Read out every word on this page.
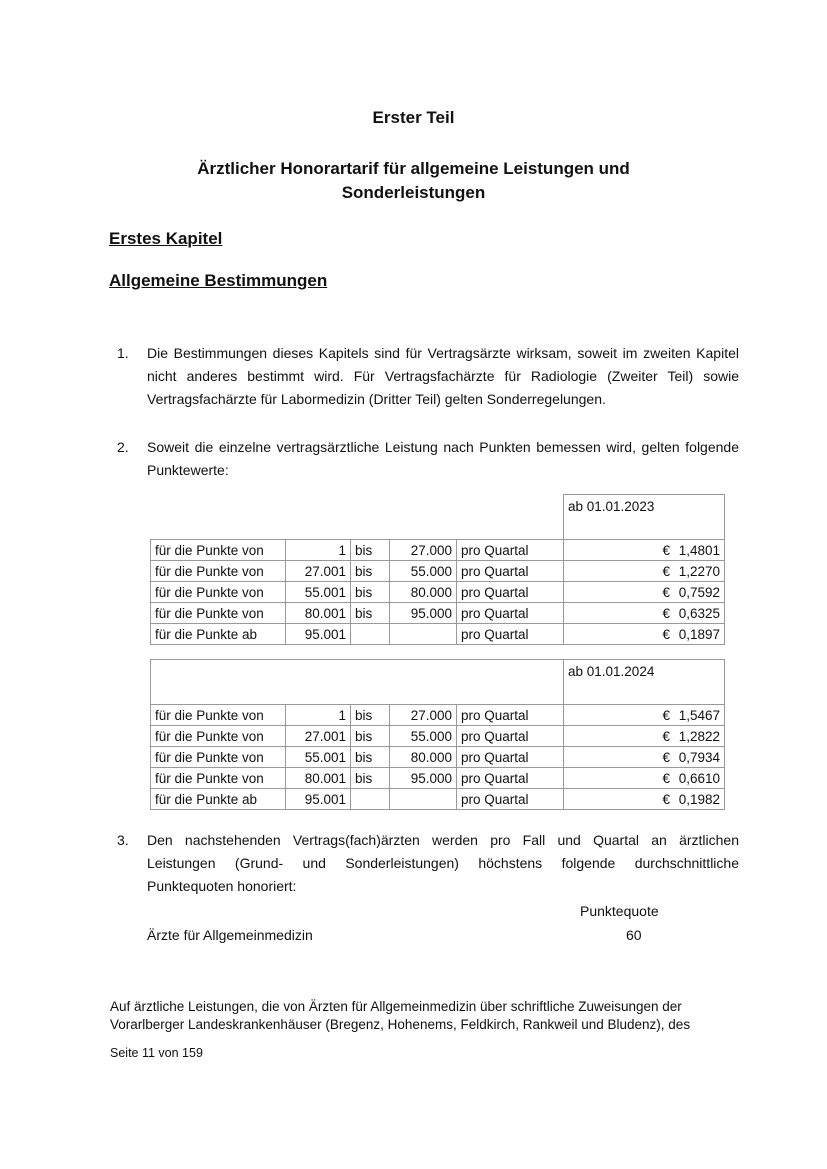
Erster Teil
Ärztlicher Honorartarif für allgemeine Leistungen und
Sonderleistungen
Erstes Kapitel
Allgemeine Bestimmungen
1. Die Bestimmungen dieses Kapitels sind für Vertragsärzte wirksam, soweit im zweiten Kapitel
nicht anderes bestimmt wird. Für Vertragsfachärzte für Radiologie (Zweiter Teil) sowie
Vertragsfachärzte für Labormedizin (Dritter Teil) gelten Sonderregelungen.
2. Soweit die einzelne vertragsärztliche Leistung nach Punkten bemessen wird, gelten folgende
Punktewerte:
					ab 01.01.2023
für die Punkte von	1	bis	27.000	pro Quartal	€ 1,4801
für die Punkte von	27.001	bis	55.000	pro Quartal	€ 1,2270
für die Punkte von	55.001	bis	80.000	pro Quartal	€ 0,7592
für die Punkte von	80.001	bis	95.000	pro Quartal	€ 0,6325
für die Punkte ab	95.001			pro Quartal	€ 0,1897
					ab 01.01.2024
für die Punkte von	1	bis	27.000	pro Quartal	€ 1,5467
für die Punkte von	27.001	bis	55.000	pro Quartal	€ 1,2822
für die Punkte von	55.001	bis	80.000	pro Quartal	€ 0,7934
für die Punkte von	80.001	bis	95.000	pro Quartal	€ 0,6610
für die Punkte ab	95.001			pro Quartal	€ 0,1982
3. Den nachstehenden Vertrags(fach)ärzten werden pro Fall und Quartal an ärztlichen
Leistungen (Grund- und Sonderleistungen) höchstens folgende durchschnittliche
Punktequoten honoriert:
Punktequote
Ärzte für Allgemeinmedizin	60
Auf ärztliche Leistungen, die von Ärzten für Allgemeinmedizin über schriftliche Zuweisungen der
Vorarlberger Landeskrankenhäuser (Bregenz, Hohenems, Feldkirch, Rankweil und Bludenz), des
Seite 11 von 159
